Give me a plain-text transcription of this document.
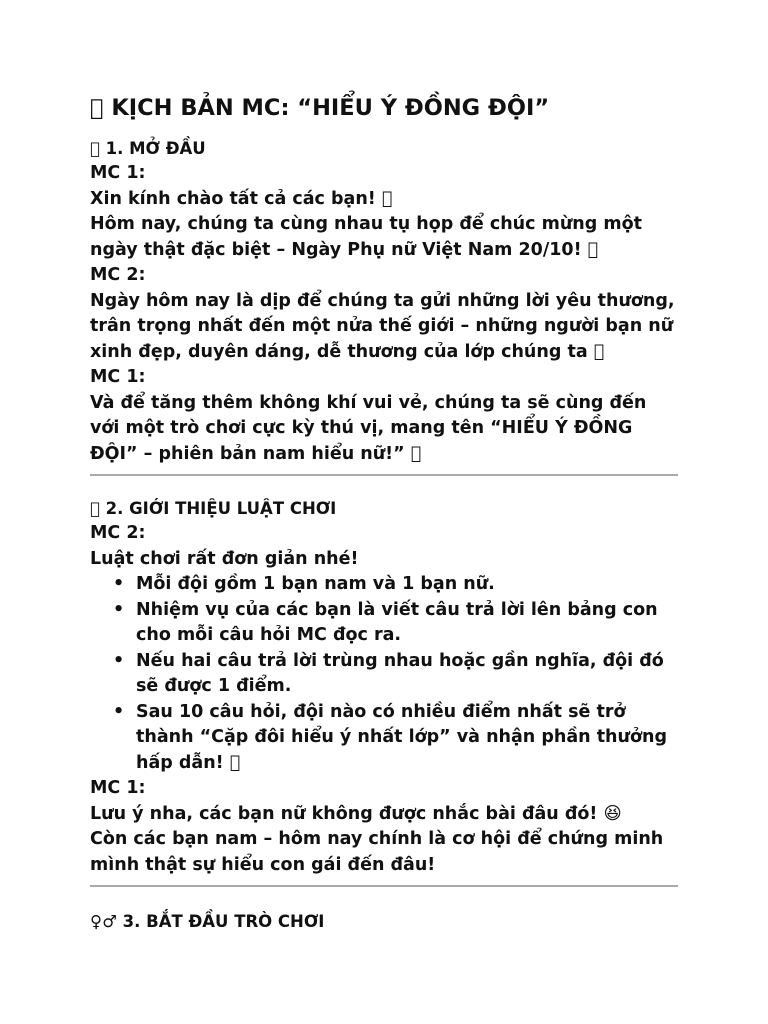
􀆐 KỊCH BẢN MC: “HIỂU Ý ĐỒNG ĐỘI”
􀆐 1. MỞ ĐẦU

MC 1:

Xin kính chào tất cả các bạn! 􀆐

Hôm nay, chúng ta cùng nhau tụ họp để chúc mừng một ngày thật đặc biệt – Ngày Phụ nữ Việt Nam 20/10! 􀆐

MC 2:

Ngày hôm nay là dịp để chúng ta gửi những lời yêu thương, trân trọng nhất đến một nửa thế giới – những người bạn nữ xinh đẹp, duyên dáng, dễ thương của lớp chúng ta 􀆐

MC 1:

Và để tăng thêm không khí vui vẻ, chúng ta sẽ cùng đến với một trò chơi cực kỳ thú vị, mang tên “HIỂU Ý ĐỒNG ĐỘI” – phiên bản nam hiểu nữ!” 􀆐

􀆐 2. GIỚI THIỆU LUẬT CHƠI

MC 2:

Luật chơi rất đơn giản nhé!

• Mỗi đội gồm 1 bạn nam và 1 bạn nữ.
• Nhiệm vụ của các bạn là viết câu trả lời lên bảng con cho mỗi câu hỏi MC đọc ra.
• Nếu hai câu trả lời trùng nhau hoặc gần nghĩa, đội đó sẽ được 1 điểm.
• Sau 10 câu hỏi, đội nào có nhiều điểm nhất sẽ trở thành “Cặp đôi hiểu ý nhất lớp” và nhận phần thưởng hấp dẫn! 􀆐

MC 1:

Lưu ý nha, các bạn nữ không được nhắc bài đâu đó! 😆

Còn các bạn nam – hôm nay chính là cơ hội để chứng minh mình thật sự hiểu con gái đến đâu!

♀♂ 3. BẮT ĐẦU TRÒ CHƠI
